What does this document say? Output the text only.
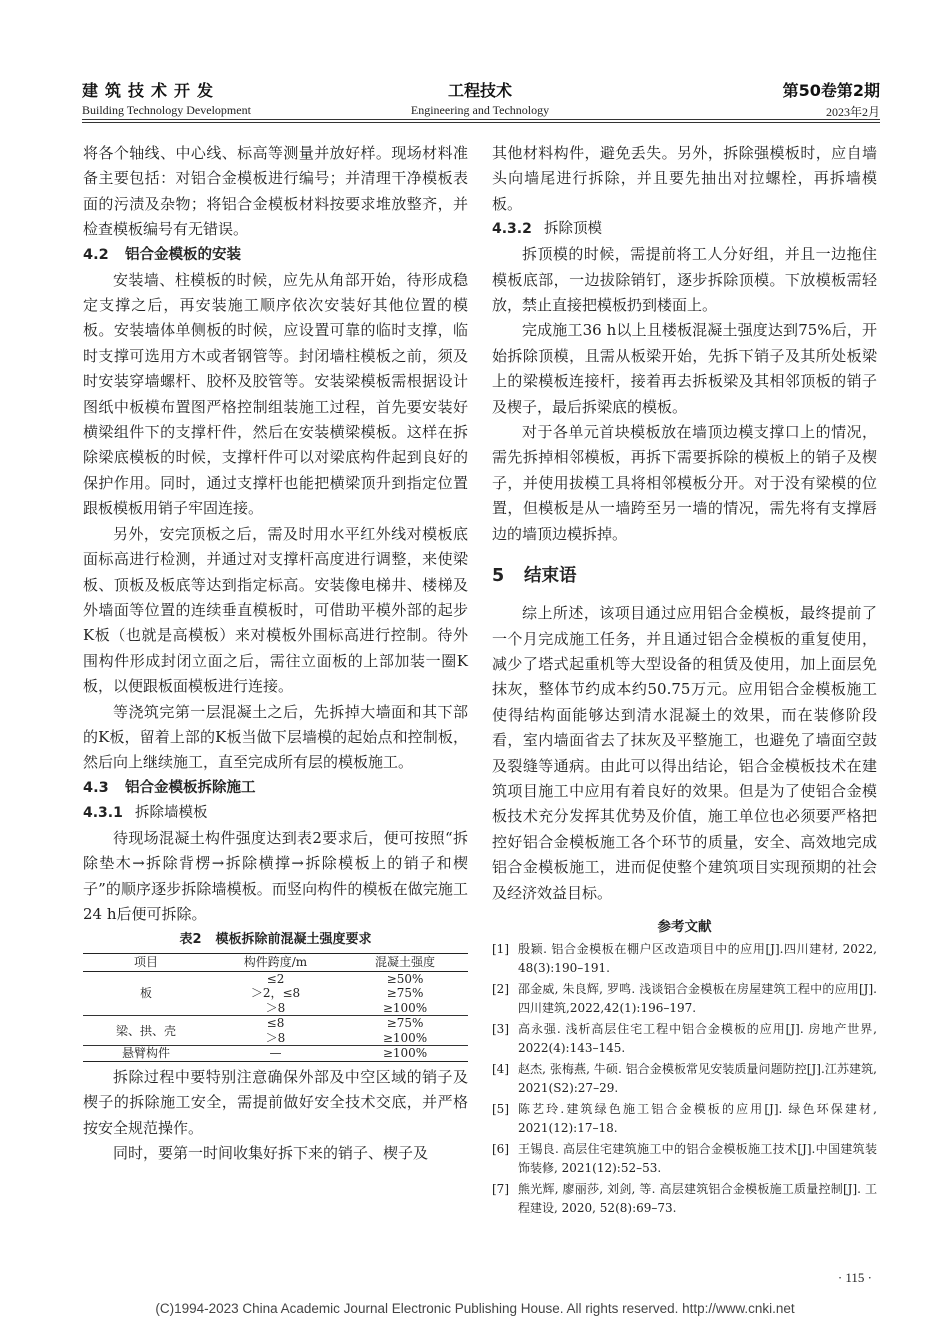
建筑技术开发
Building Technology Development
工程技术
Engineering and Technology
第50卷第2期
2023年2月

将各个轴线、中心线、标高等测量并放好样。现场材料准备主要包括：对铝合金模板进行编号；并清理干净模板表面的污渍及杂物；将铝合金模板材料按要求堆放整齐，并检查模板编号有无错误。

4.2 铝合金模板的安装

安装墙、柱模板的时候，应先从角部开始，待形成稳定支撑之后，再安装施工顺序依次安装好其他位置的模板。安装墙体单侧板的时候，应设置可靠的临时支撑，临时支撑可选用方木或者钢管等。封闭墙柱模板之前，须及时安装穿墙螺杆、胶杯及胶管等。安装梁模板需根据设计图纸中板模布置图严格控制组装施工过程，首先要安装好横梁组件下的支撑杆件，然后在安装横梁模板。这样在拆除梁底模板的时候，支撑杆件可以对梁底构件起到良好的保护作用。同时，通过支撑杆也能把横梁顶升到指定位置跟板模板用销子牢固连接。

另外，安完顶板之后，需及时用水平红外线对模板底面标高进行检测，并通过对支撑杆高度进行调整，来使梁板、顶板及板底等达到指定标高。安装像电梯井、楼梯及外墙面等位置的连续垂直模板时，可借助平模外部的起步K板（也就是高模板）来对模板外围标高进行控制。待外围构件形成封闭立面之后，需往立面板的上部加装一圈K板，以便跟板面模板进行连接。

等浇筑完第一层混凝土之后，先拆掉大墙面和其下部的K板，留着上部的K板当做下层墙模的起始点和控制板，然后向上继续施工，直至完成所有层的模板施工。

4.3 铝合金模板拆除施工
4.3.1 拆除墙模板

待现场混凝土构件强度达到表2要求后，便可按照“拆除垫木→拆除背楞→拆除横撑→拆除模板上的销子和楔子”的顺序逐步拆除墙模板。而竖向构件的模板在做完施工24 h后便可拆除。

表2 模板拆除前混凝土强度要求
项目	构件跨度/m	混凝土强度
板	≤2	≥50%
	＞2，≤8	≥75%
	＞8	≥100%
梁、拱、壳	≤8	≥75%
	＞8	≥100%
悬臂构件	—	≥100%

拆除过程中要特别注意确保外部及中空区域的销子及楔子的拆除施工安全，需提前做好安全技术交底，并严格按安全规范操作。

同时，要第一时间收集好拆下来的销子、楔子及

其他材料构件，避免丢失。另外，拆除强模板时，应自墙头向墙尾进行拆除，并且要先抽出对拉螺栓，再拆墙模板。

4.3.2 拆除顶模

拆顶模的时候，需提前将工人分好组，并且一边拖住模板底部，一边拔除销钉，逐步拆除顶模。下放模板需轻放，禁止直接把模板扔到楼面上。

完成施工36 h以上且楼板混凝土强度达到75%后，开始拆除顶模，且需从板梁开始，先拆下销子及其所处板梁上的梁模板连接杆，接着再去拆板梁及其相邻顶板的销子及楔子，最后拆梁底的模板。

对于各单元首块模板放在墙顶边模支撑口上的情况，需先拆掉相邻模板，再拆下需要拆除的模板上的销子及楔子，并使用拔模工具将相邻模板分开。对于没有梁模的位置，但模板是从一墙跨至另一墙的情况，需先将有支撑唇边的墙顶边模拆掉。

5 结束语

综上所述，该项目通过应用铝合金模板，最终提前了一个月完成施工任务，并且通过铝合金模板的重复使用，减少了塔式起重机等大型设备的租赁及使用，加上面层免抹灰，整体节约成本约50.75万元。应用铝合金模板施工使得结构面能够达到清水混凝土的效果，而在装修阶段看，室内墙面省去了抹灰及平整施工，也避免了墙面空鼓及裂缝等通病。由此可以得出结论，铝合金模板技术在建筑项目施工中应用有着良好的效果。但是为了使铝合金模板技术充分发挥其优势及价值，施工单位也必须要严格把控好铝合金模板施工各个环节的质量，安全、高效地完成铝合金模板施工，进而促使整个建筑项目实现预期的社会及经济效益目标。

参考文献
[1] 殷颖. 铝合金模板在棚户区改造项目中的应用[J].四川建材, 2022, 48(3):190–191.
[2] 邵金威, 朱良辉, 罗鸣. 浅谈铝合金模板在房屋建筑工程中的应用[J]. 四川建筑,2022,42(1):196–197.
[3] 高永强. 浅析高层住宅工程中铝合金模板的应用[J]. 房地产世界, 2022(4):143–145.
[4] 赵杰, 张梅燕, 牛硕. 铝合金模板常见安装质量问题防控[J].江苏建筑, 2021(S2):27–29.
[5] 陈艺玲.建筑绿色施工铝合金模板的应用[J]. 绿色环保建材, 2021(12):17–18.
[6] 王锡良. 高层住宅建筑施工中的铝合金模板施工技术[J].中国建筑装饰装修, 2021(12):52–53.
[7] 熊光辉, 廖丽莎, 刘剑, 等. 高层建筑铝合金模板施工质量控制[J]. 工程建设, 2020, 52(8):69–73.
· 115 ·
(C)1994-2023 China Academic Journal Electronic Publishing House. All rights reserved. http://www.cnki.net
